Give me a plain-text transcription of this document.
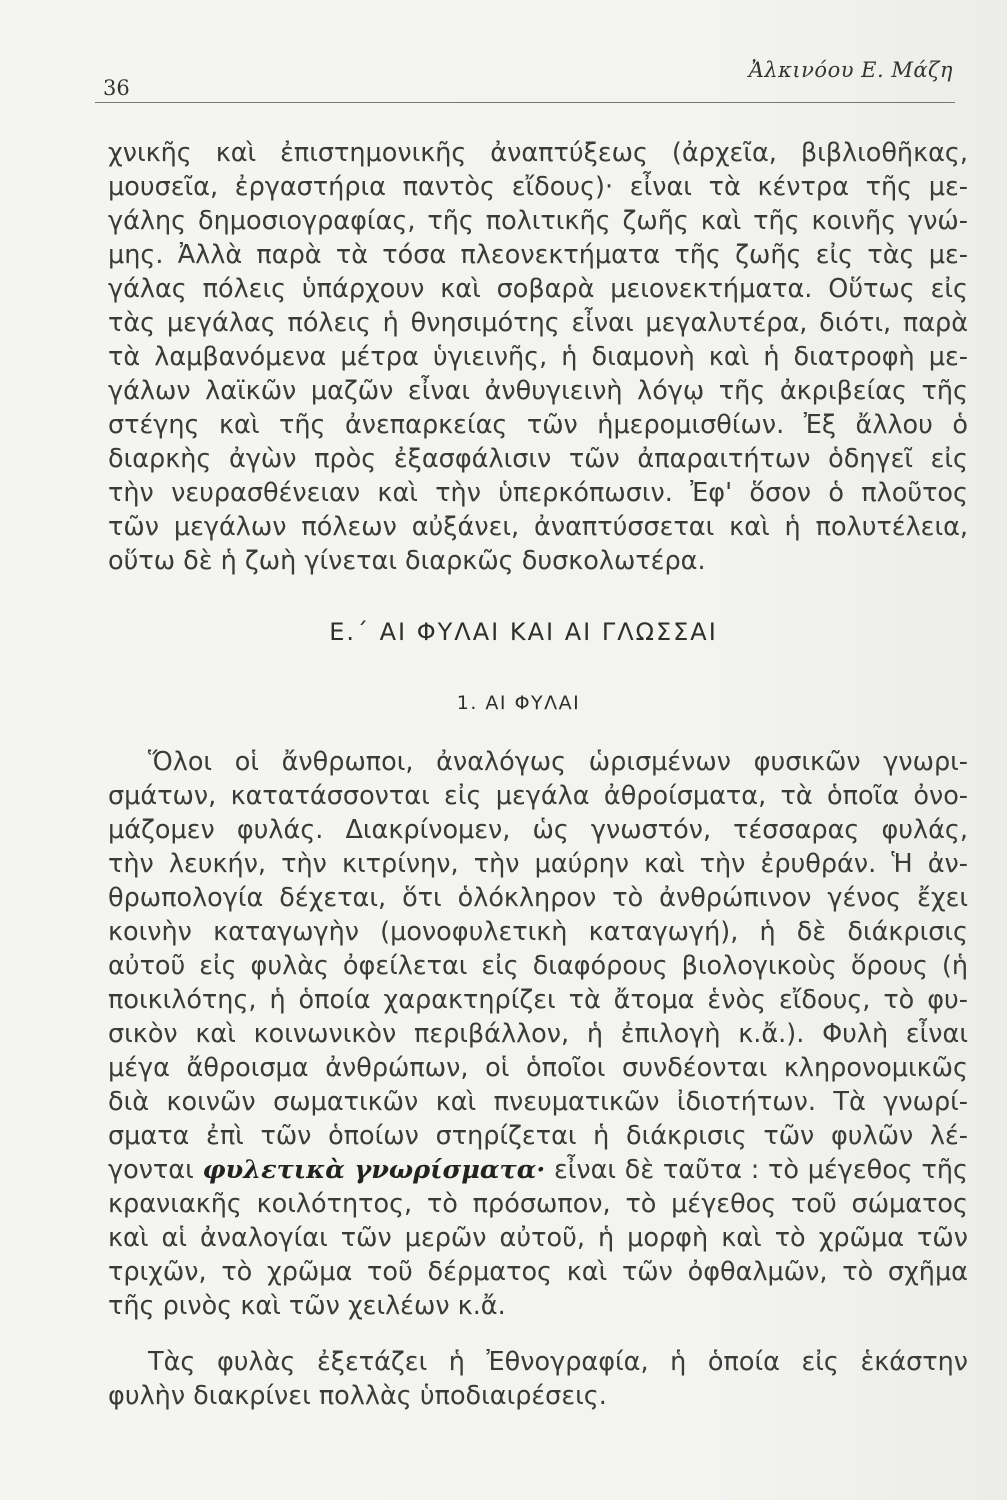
36
Ἀλκινόου Ε. Μάζη
χνικῆς καὶ ἐπιστημονικῆς ἀναπτύξεως (ἀρχεῖα, βιβλιοθῆκας,
μουσεῖα, ἐργαστήρια παντὸς εἴδους)· εἶναι τὰ κέντρα τῆς με-
γάλης δημοσιογραφίας, τῆς πολιτικῆς ζωῆς καὶ τῆς κοινῆς γνώ-
μης. Ἀλλὰ παρὰ τὰ τόσα πλεονεκτήματα τῆς ζωῆς εἰς τὰς με-
γάλας πόλεις ὑπάρχουν καὶ σοβαρὰ μειονεκτήματα. Οὕτως εἰς
τὰς μεγάλας πόλεις ἡ θνησιμότης εἶναι μεγαλυτέρα, διότι, παρὰ
τὰ λαμβανόμενα μέτρα ὑγιεινῆς, ἡ διαμονὴ καὶ ἡ διατροφὴ με-
γάλων λαϊκῶν μαζῶν εἶναι ἀνθυγιεινὴ λόγῳ τῆς ἀκριβείας τῆς
στέγης καὶ τῆς ἀνεπαρκείας τῶν ἡμερομισθίων. Ἐξ ἄλλου ὁ
διαρκὴς ἀγὼν πρὸς ἐξασφάλισιν τῶν ἀπαραιτήτων ὁδηγεῖ εἰς
τὴν νευρασθένειαν καὶ τὴν ὑπερκόπωσιν. Ἐφ' ὅσον ὁ πλοῦτος
τῶν μεγάλων πόλεων αὐξάνει, ἀναπτύσσεται καὶ ἡ πολυτέλεια,
οὕτω δὲ ἡ ζωὴ γίνεται διαρκῶς δυσκολωτέρα.
Ε.΄ ΑΙ ΦΥΛΑΙ ΚΑΙ ΑΙ ΓΛΩΣΣΑΙ
1. ΑΙ ΦΥΛΑΙ
Ὅλοι οἱ ἄνθρωποι, ἀναλόγως ὡρισμένων φυσικῶν γνωρι-
σμάτων, κατατάσσονται εἰς μεγάλα ἀθροίσματα, τὰ ὁποῖα ὀνο-
μάζομεν φυλάς. Διακρίνομεν, ὡς γνωστόν, τέσσαρας φυλάς,
τὴν λευκήν, τὴν κιτρίνην, τὴν μαύρην καὶ τὴν ἐρυθράν. Ἡ ἀν-
θρωπολογία δέχεται, ὅτι ὁλόκληρον τὸ ἀνθρώπινον γένος ἔχει
κοινὴν καταγωγὴν (μονοφυλετικὴ καταγωγή), ἡ δὲ διάκρισις
αὐτοῦ εἰς φυλὰς ὀφείλεται εἰς διαφόρους βιολογικοὺς ὅρους (ἡ
ποικιλότης, ἡ ὁποία χαρακτηρίζει τὰ ἄτομα ἑνὸς εἴδους, τὸ φυ-
σικὸν καὶ κοινωνικὸν περιβάλλον, ἡ ἐπιλογὴ κ.ἄ.). Φυλὴ εἶναι
μέγα ἄθροισμα ἀνθρώπων, οἱ ὁποῖοι συνδέονται κληρονομικῶς
διὰ κοινῶν σωματικῶν καὶ πνευματικῶν ἰδιοτήτων. Τὰ γνωρί-
σματα ἐπὶ τῶν ὁποίων στηρίζεται ἡ διάκρισις τῶν φυλῶν λέ-
γονται φυλετικὰ γνωρίσματα· εἶναι δὲ ταῦτα : τὸ μέγεθος τῆς
κρανιακῆς κοιλότητος, τὸ πρόσωπον, τὸ μέγεθος τοῦ σώματος
καὶ αἱ ἀναλογίαι τῶν μερῶν αὐτοῦ, ἡ μορφὴ καὶ τὸ χρῶμα τῶν
τριχῶν, τὸ χρῶμα τοῦ δέρματος καὶ τῶν ὀφθαλμῶν, τὸ σχῆμα
τῆς ρινὸς καὶ τῶν χειλέων κ.ἄ.
Τὰς φυλὰς ἐξετάζει ἡ Ἐθνογραφία, ἡ ὁποία εἰς ἑκάστην
φυλὴν διακρίνει πολλὰς ὑποδιαιρέσεις.
